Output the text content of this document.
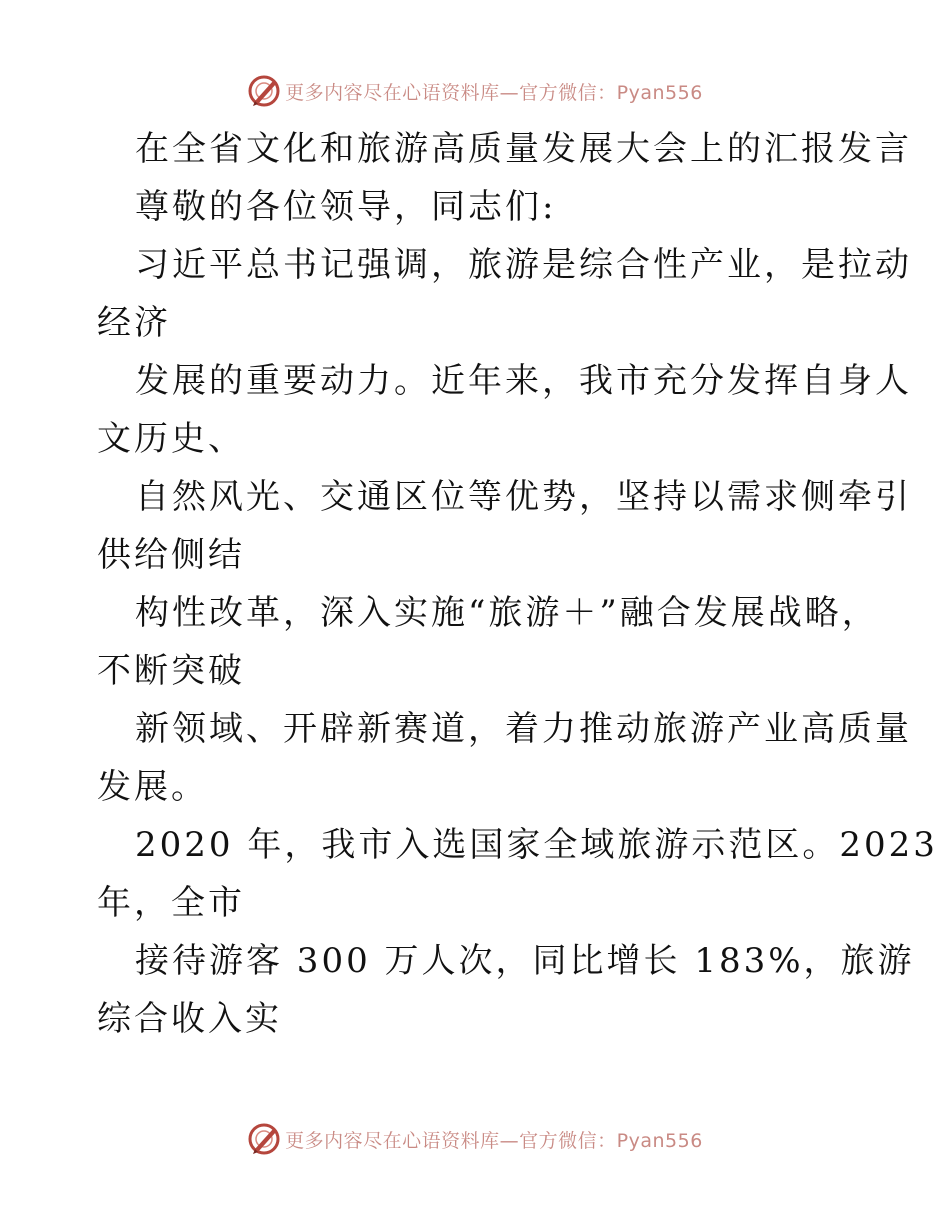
更多内容尽在心语资料库—官方微信：Pyan556
在全省文化和旅游高质量发展大会上的汇报发言
尊敬的各位领导，同志们:
习近平总书记强调，旅游是综合性产业，是拉动
经济
发展的重要动力。近年来，我市充分发挥自身人
文历史、
自然风光、交通区位等优势，坚持以需求侧牵引
供给侧结
构性改革，深入实施“旅游＋”融合发展战略，
不断突破
新领域、开辟新赛道，着力推动旅游产业高质量
发展。
2020 年，我市入选国家全域旅游示范区。2023
年，全市
接待游客 300 万人次，同比增长 183%，旅游
综合收入实
更多内容尽在心语资料库—官方微信：Pyan556
